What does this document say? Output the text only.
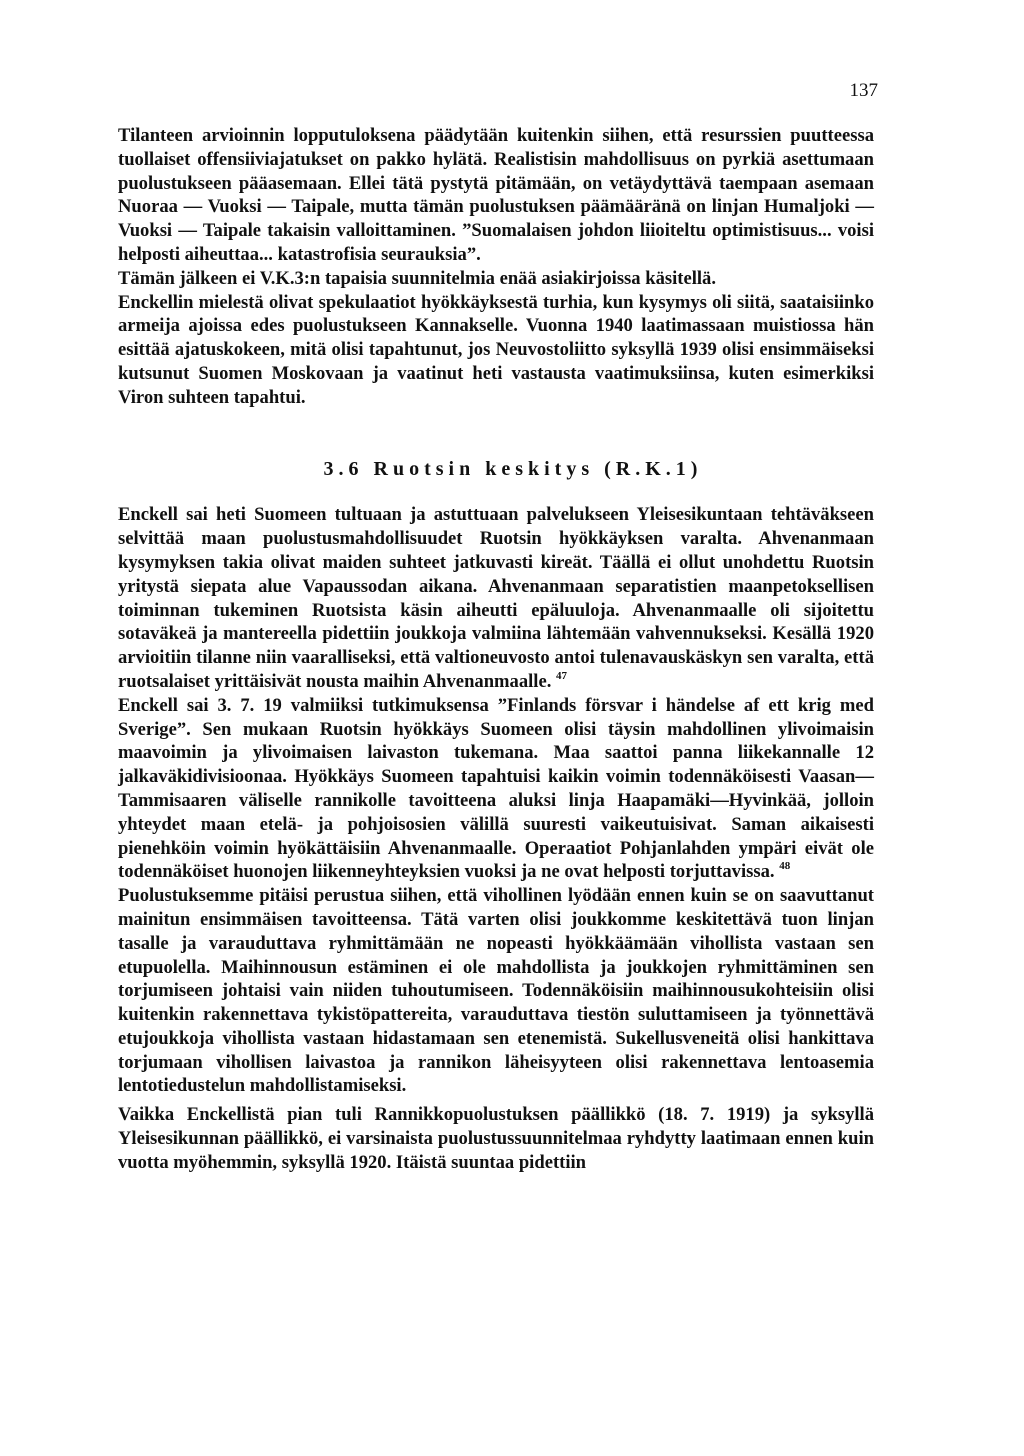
137

Tilanteen arvioinnin lopputuloksena päädytään kuitenkin siihen, että resurssien puutteessa tuollaiset offensiiviajatukset on pakko hylätä. Realistisin mahdollisuus on pyrkiä asettumaan puolustukseen pääasemaan. Ellei tätä pystytä pitämään, on vetäydyttävä taempaan asemaan Nuoraa — Vuoksi — Taipale, mutta tämän puolustuksen päämääränä on linjan Humaljoki — Vuoksi — Taipale takaisin valloittaminen. ”Suomalaisen johdon liioiteltu optimistisuus... voisi helposti aiheuttaa... katastrofisia seurauksia”.

Tämän jälkeen ei V.K.3:n tapaisia suunnitelmia enää asiakirjoissa käsitellä.

Enckellin mielestä olivat spekulaatiot hyökkäyksestä turhia, kun kysymys oli siitä, saataisiinko armeija ajoissa edes puolustukseen Kannakselle. Vuonna 1940 laatimassaan muistiossa hän esittää ajatuskokeen, mitä olisi tapahtunut, jos Neuvostoliitto syksyllä 1939 olisi ensimmäiseksi kutsunut Suomen Moskovaan ja vaatinut heti vastausta vaatimuksiinsa, kuten esimerkiksi Viron suhteen tapahtui.

3.6 Ruotsin keskitys (R.K.1)

Enckell sai heti Suomeen tultuaan ja astuttuaan palvelukseen Yleisesikuntaan tehtäväkseen selvittää maan puolustusmahdollisuudet Ruotsin hyökkäyksen varalta. Ahvenanmaan kysymyksen takia olivat maiden suhteet jatkuvasti kireät. Täällä ei ollut unohdettu Ruotsin yritystä siepata alue Vapaussodan aikana. Ahvenanmaan separatistien maanpetoksellisen toiminnan tukeminen Ruotsista käsin aiheutti epäluuloja. Ahvenanmaalle oli sijoitettu sotaväkeä ja mantereella pidettiin joukkoja valmiina lähtemään vahvennukseksi. Kesällä 1920 arvioitiin tilanne niin vaaralliseksi, että valtioneuvosto antoi tulenavauskäskyn sen varalta, että ruotsalaiset yrittäisivät nousta maihin Ahvenanmaalle. $^{47}$

Enckell sai 3. 7. 19 valmiiksi tutkimuksensa ”Finlands försvar i händelse af ett krig med Sverige”. Sen mukaan Ruotsin hyökkäys Suomeen olisi täysin mahdollinen ylivoimaisin maavoimin ja ylivoimaisen laivaston tukemana. Maa saattoi panna liikekannalle 12 jalkaväkidivisioonaa. Hyökkäys Suomeen tapahtuisi kaikin voimin todennäköisesti Vaasan—Tammisaaren väliselle rannikolle tavoitteena aluksi linja Haapamäki—Hyvinkää, jolloin yhteydet maan etelä- ja pohjoisosien välillä suuresti vaikeutuisivat. Saman aikaisesti pienehköin voimin hyökättäisiin Ahvenanmaalle. Operaatiot Pohjanlahden ympäri eivät ole todennäköiset huonojen liikenneyhteyksien vuoksi ja ne ovat helposti torjuttavissa. $^{48}$

Puolustuksemme pitäisi perustua siihen, että vihollinen lyödään ennen kuin se on saavuttanut mainitun ensimmäisen tavoitteensa. Tätä varten olisi joukkomme keskitettävä tuon linjan tasalle ja varauduttava ryhmittämään ne nopeasti hyökkäämään vihollista vastaan sen etupuolella. Maihinnousun estäminen ei ole mahdollista ja joukkojen ryhmittäminen sen torjumiseen johtaisi vain niiden tuhoutumiseen. Todennäköisiin maihinnousukohteisiin olisi kuitenkin rakennettava tykistöpattereita, varauduttava tiestön suluttamiseen ja työnnettävä etujoukkoja vihollista vastaan hidastamaan sen etenemistä. Sukellusveneitä olisi hankittava torjumaan vihollisen laivastoa ja rannikon läheisyyteen olisi rakennettava lentoasemia lentotiedustelun mahdollistamiseksi.

Vaikka Enckellistä pian tuli Rannikkopuolustuksen päällikkö (18. 7. 1919) ja syksyllä Yleisesikunnan päällikkö, ei varsinaista puolustussuunnitelmaa ryhdytty laatimaan ennen kuin vuotta myöhemmin, syksyllä 1920. Itäistä suuntaa pidettiin
